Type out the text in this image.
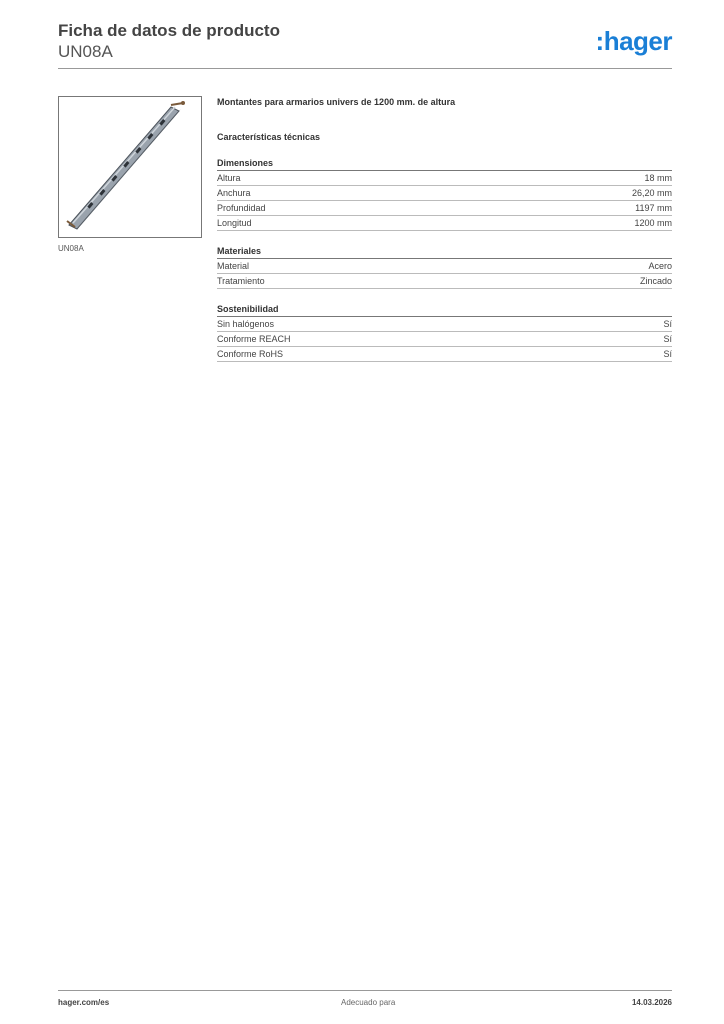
Ficha de datos de producto
UN08A	:hager
UN08A
Montantes para armarios univers de 1200 mm. de altura
Características técnicas
Dimensiones
Altura	18 mm
Anchura	26,20 mm
Profundidad	1197 mm
Longitud	1200 mm
Materiales
Material	Acero
Tratamiento	Zincado
Sostenibilidad
Sin halógenos	Sí
Conforme REACH	Sí
Conforme RoHS	Sí
hager.com/es	Adecuado para	14.03.2026
